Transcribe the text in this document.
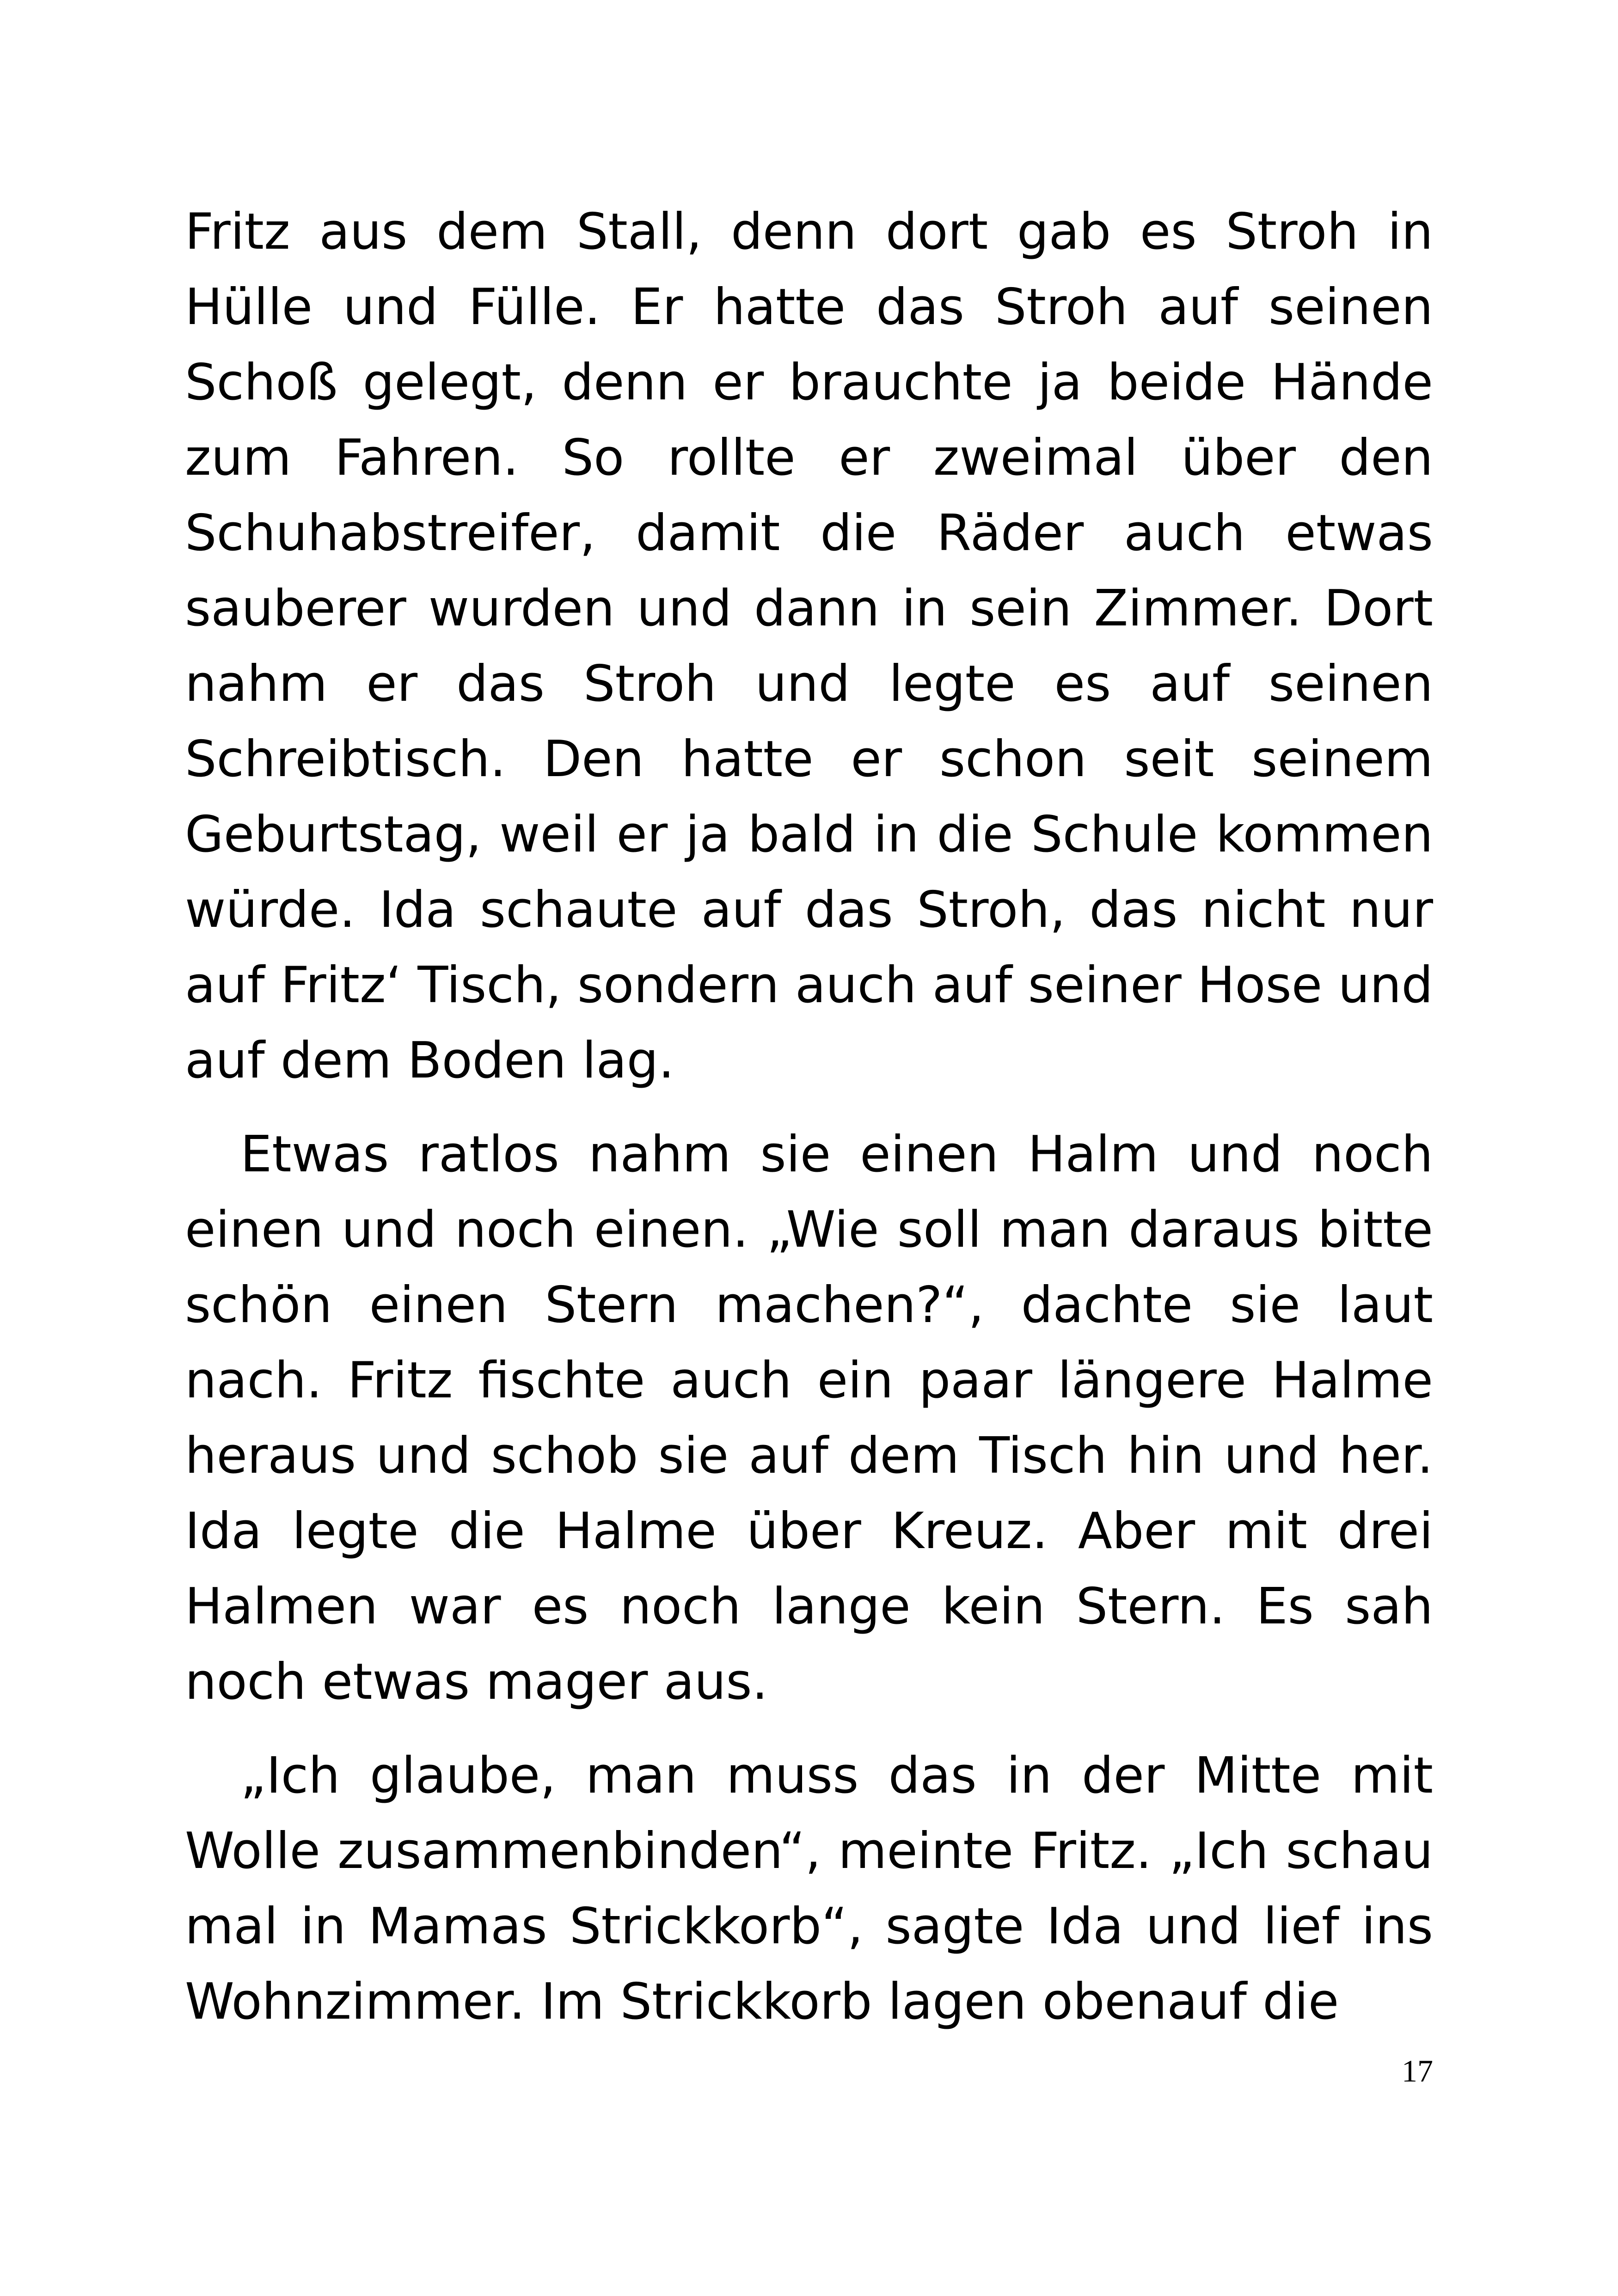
Fritz aus dem Stall, denn dort gab es Stroh in Hülle und Fülle. Er hatte das Stroh auf seinen Schoß gelegt, denn er brauchte ja beide Hände zum Fahren. So rollte er zweimal über den Schuhabstreifer, damit die Räder auch etwas sauberer wurden und dann in sein Zimmer. Dort nahm er das Stroh und legte es auf seinen Schreibtisch. Den hatte er schon seit seinem Geburtstag, weil er ja bald in die Schule kommen würde. Ida schaute auf das Stroh, das nicht nur auf Fritz‘ Tisch, sondern auch auf seiner Hose und auf dem Boden lag.

Etwas ratlos nahm sie einen Halm und noch einen und noch einen. „Wie soll man daraus bitte schön einen Stern machen?“, dachte sie laut nach. Fritz fischte auch ein paar längere Halme heraus und schob sie auf dem Tisch hin und her. Ida legte die Halme über Kreuz. Aber mit drei Halmen war es noch lange kein Stern. Es sah noch etwas mager aus.

„Ich glaube, man muss das in der Mitte mit Wolle zusammenbinden“, meinte Fritz. „Ich schau mal in Mamas Strickkorb“, sagte Ida und lief ins Wohnzimmer. Im Strickkorb lagen obenauf die

17
